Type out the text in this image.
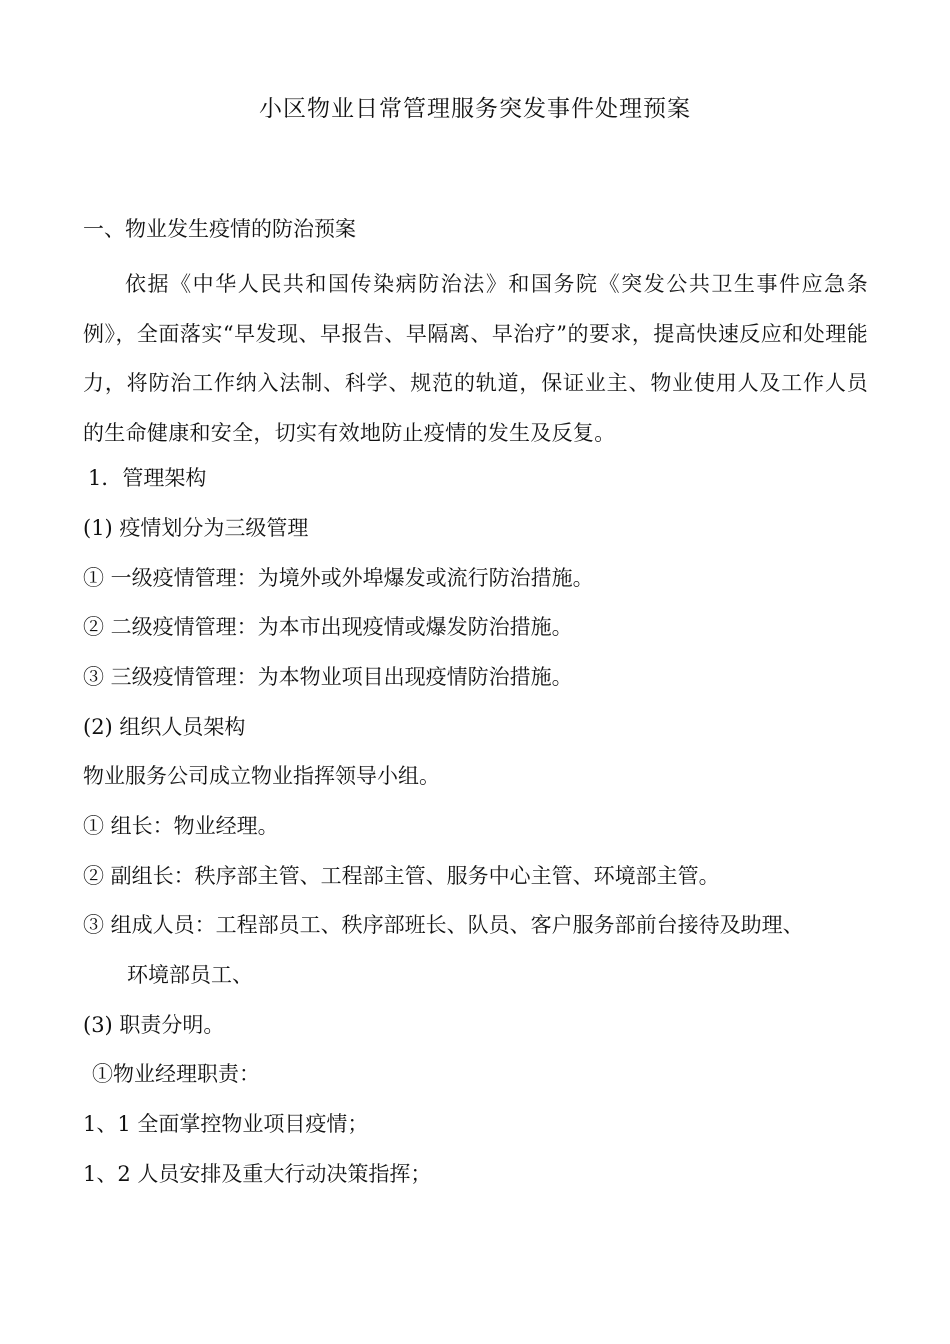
小区物业日常管理服务突发事件处理预案
一、物业发生疫情的防治预案
依据《中华人民共和国传染病防治法》和国务院《突发公共卫生事件应急条例》，全面落实“早发现、早报告、早隔离、早治疗”的要求，提高快速反应和处理能力，将防治工作纳入法制、科学、规范的轨道，保证业主、物业使用人及工作人员的生命健康和安全，切实有效地防止疫情的发生及反复。
1．管理架构
(1) 疫情划分为三级管理
① 一级疫情管理：为境外或外埠爆发或流行防治措施。
② 二级疫情管理：为本市出现疫情或爆发防治措施。
③ 三级疫情管理：为本物业项目出现疫情防治措施。
(2) 组织人员架构
物业服务公司成立物业指挥领导小组。
① 组长：物业经理。
② 副组长：秩序部主管、工程部主管、服务中心主管、环境部主管。
③ 组成人员：工程部员工、秩序部班长、队员、客户服务部前台接待及助理、
环境部员工、
(3) 职责分明。
①物业经理职责：
1、1 全面掌控物业项目疫情；
1、2 人员安排及重大行动决策指挥；
